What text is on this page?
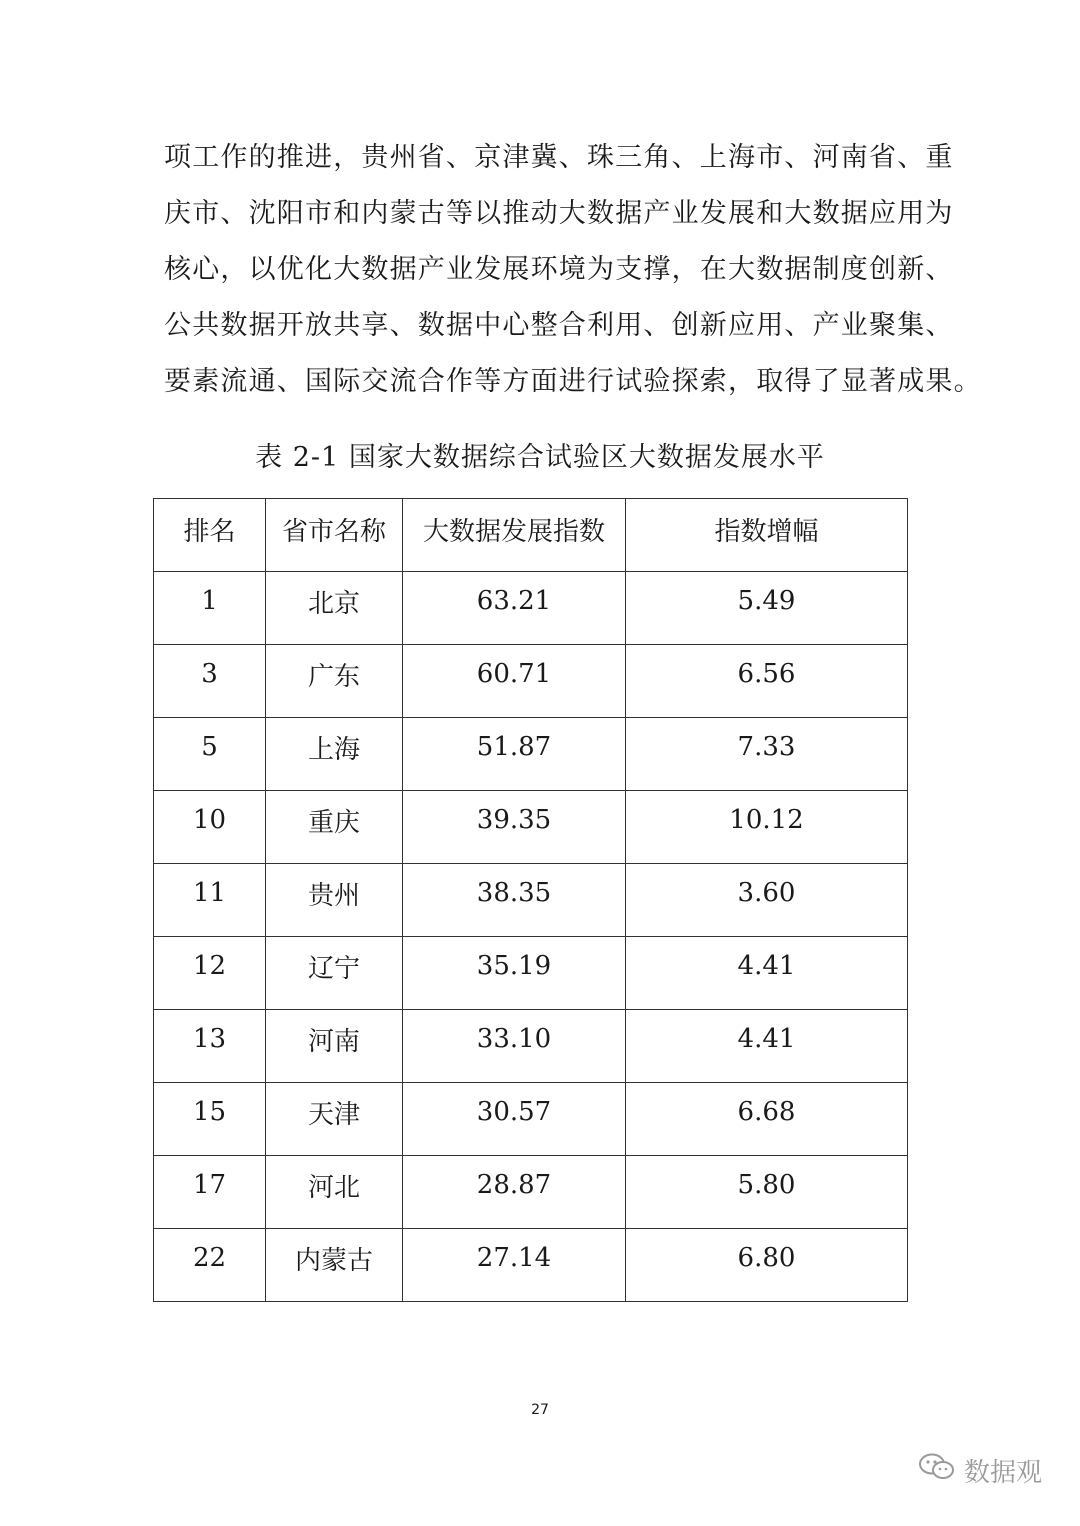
项工作的推进，贵州省、京津冀、珠三角、上海市、河南省、重
庆市、沈阳市和内蒙古等以推动大数据产业发展和大数据应用为
核心，以优化大数据产业发展环境为支撑，在大数据制度创新、
公共数据开放共享、数据中心整合利用、创新应用、产业聚集、
要素流通、国际交流合作等方面进行试验探索，取得了显著成果。
表 2-1 国家大数据综合试验区大数据发展水平
排名	省市名称	大数据发展指数	指数增幅
1	北京	63.21	5.49
3	广东	60.71	6.56
5	上海	51.87	7.33
10	重庆	39.35	10.12
11	贵州	38.35	3.60
12	辽宁	35.19	4.41
13	河南	33.10	4.41
15	天津	30.57	6.68
17	河北	28.87	5.80
22	内蒙古	27.14	6.80
27
数据观
